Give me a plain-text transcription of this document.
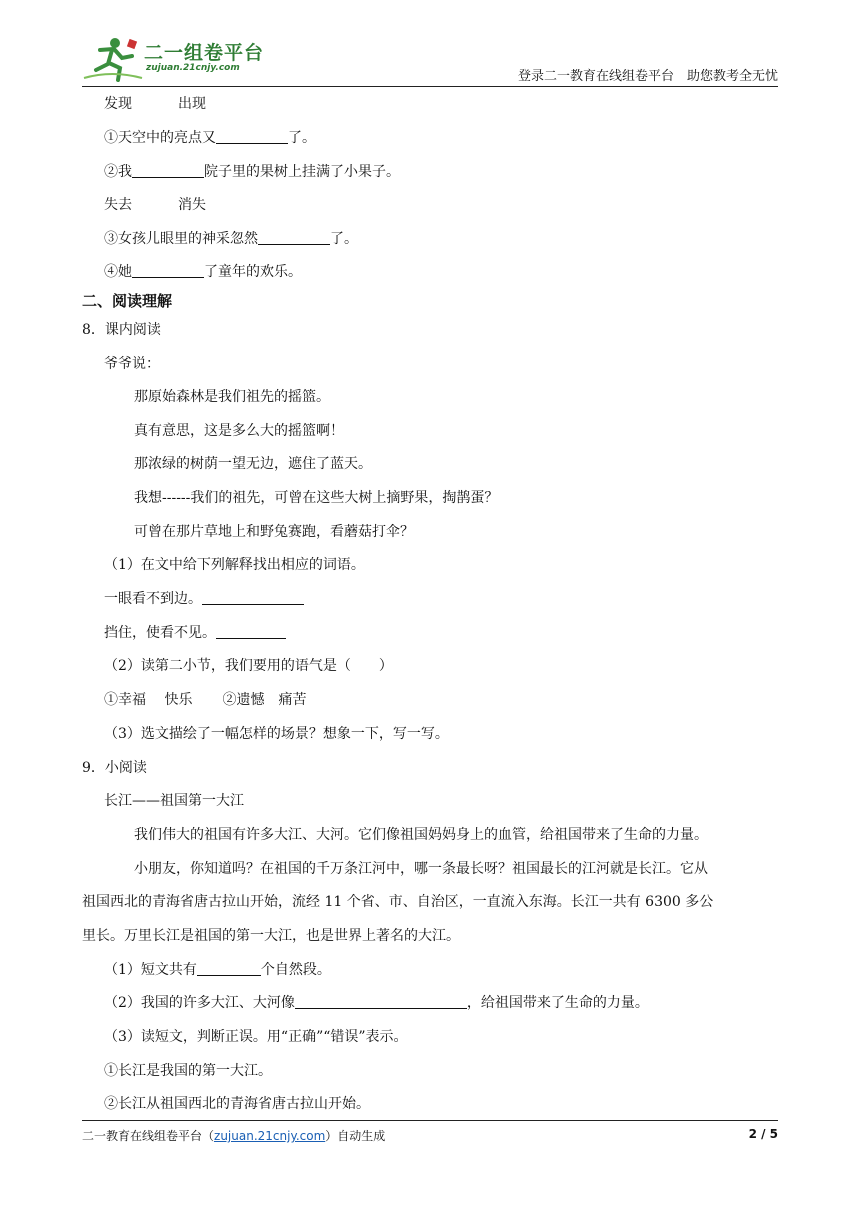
二一组卷平台
zujuan.21cnjy.com
登录二一教育在线组卷平台　助您教考全无忧
发现	出现
①天空中的亮点又	了。
②我	院子里的果树上挂满了小果子。
失去	消失
③女孩儿眼里的神采忽然	了。
④她	了童年的欢乐。
二、阅读理解
8．课内阅读
爷爷说：
那原始森林是我们祖先的摇篮。
真有意思，这是多么大的摇篮啊！
那浓绿的树荫一望无边，遮住了蓝天。
我想------我们的祖先，可曾在这些大树上摘野果，掏鹊蛋？
可曾在那片草地上和野兔赛跑，看蘑菇打伞？
（1）在文中给下列解释找出相应的词语。
一眼看不到边。
挡住，使看不见。
（2）读第二小节，我们要用的语气是（　　）
①幸福　 快乐 ②遗憾　痛苦
（3）选文描绘了一幅怎样的场景？想象一下，写一写。
9．小阅读
长江——祖国第一大江
我们伟大的祖国有许多大江、大河。它们像祖国妈妈身上的血管，给祖国带来了生命的力量。
小朋友，你知道吗？在祖国的千万条江河中，哪一条最长呀？祖国最长的江河就是长江。它从
祖国西北的青海省唐古拉山开始，流经 11 个省、市、自治区，一直流入东海。长江一共有 6300 多公
里长。万里长江是祖国的第一大江，也是世界上著名的大江。
（1）短文共有	个自然段。
（2）我国的许多大江、大河像	，给祖国带来了生命的力量。
（3）读短文，判断正误。用“正确”“错误”表示。
①长江是我国的第一大江。
②长江从祖国西北的青海省唐古拉山开始。
二一教育在线组卷平台（zujuan.21cnjy.com）自动生成	2 / 5
